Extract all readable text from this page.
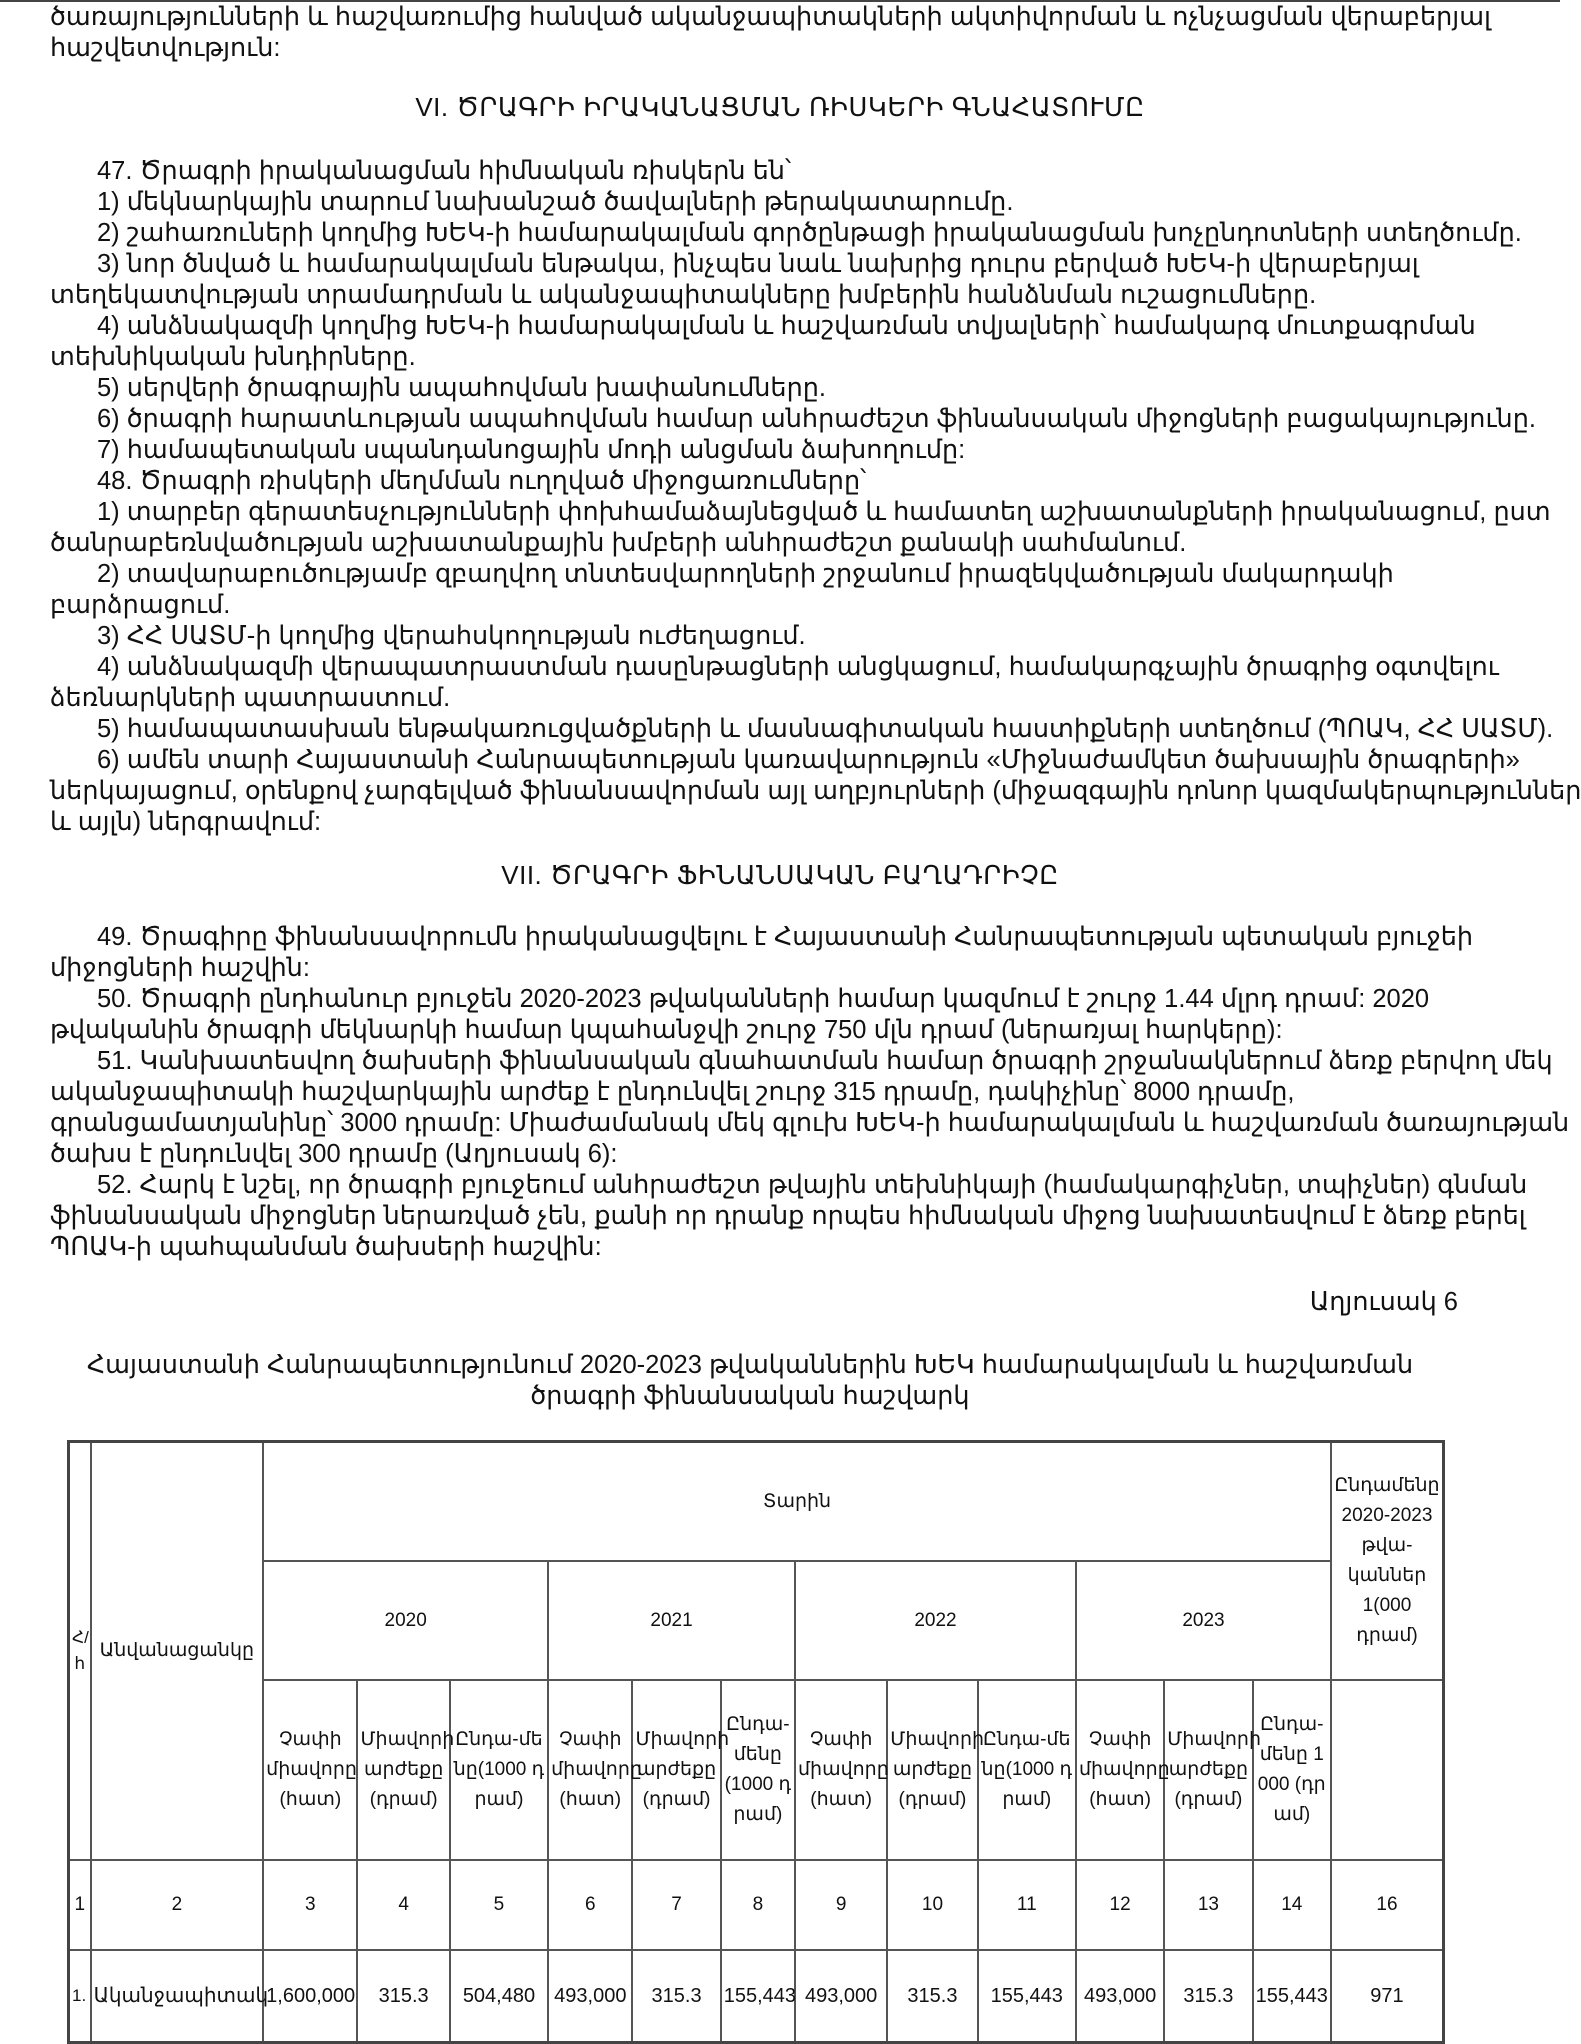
ծառայությունների և հաշվառումից հանված ականջապիտակների ակտիվորման և ոչնչացման վերաբերյալ
հաշվետվություն:
VI. ԾՐԱԳՐԻ ԻՐԱԿԱՆԱՑՄԱՆ ՌԻՍԿԵՐԻ ԳՆԱՀԱՏՈՒՄԸ
47. Ծրագրի իրականացման հիմնական ռիսկերն են՝
1) մեկնարկային տարում նախանշած ծավալների թերակատարումը.
2) շահառուների կողմից ԽԵԿ-ի համարակալման գործընթացի իրականացման խոչընդոտների ստեղծումը.
3) նոր ծնված և համարակալման ենթակա, ինչպես նաև նախրից դուրս բերված ԽԵԿ-ի վերաբերյալ
տեղեկատվության տրամադրման և ականջապիտակները խմբերին հանձնման ուշացումները.
4) անձնակազմի կողմից ԽԵԿ-ի համարակալման և հաշվառման տվյալների՝ համակարգ մուտքագրման
տեխնիկական խնդիրները.
5) սերվերի ծրագրային ապահովման խափանումները.
6) ծրագրի հարատևության ապահովման համար անհրաժեշտ ֆինանսական միջոցների բացակայությունը.
7) համապետական սպանդանոցային մոդի անցման ձախողումը:
48. Ծրագրի ռիսկերի մեղմման ուղղված միջոցառումները՝
1) տարբեր գերատեսչությունների փոխհամաձայնեցված և համատեղ աշխատանքների իրականացում, ըստ
ծանրաբեռնվածության աշխատանքային խմբերի անհրաժեշտ քանակի սահմանում.
2) տավարաբուծությամբ զբաղվող տնտեսվարողների շրջանում իրազեկվածության մակարդակի
բարձրացում.
3) ՀՀ ՍԱՏՄ-ի կողմից վերահսկողության ուժեղացում.
4) անձնակազմի վերապատրաստման դասընթացների անցկացում, համակարգչային ծրագրից օգտվելու
ձեռնարկների պատրաստում.
5) համապատասխան ենթակառուցվածքների և մասնագիտական հաստիքների ստեղծում (ՊՈԱԿ, ՀՀ ՍԱՏՄ).
6) ամեն տարի Հայաստանի Հանրապետության կառավարություն «Միջնաժամկետ ծախսային ծրագրերի»
ներկայացում, օրենքով չարգելված ֆինանսավորման այլ աղբյուրների (միջազգային դոնոր կազմակերպություններ
և այլն) ներգրավում:
VII. ԾՐԱԳՐԻ ՖԻՆԱՆՍԱԿԱՆ ԲԱՂԱԴՐԻՉԸ
49. Ծրագիրը ֆինանսավորումն իրականացվելու է Հայաստանի Հանրապետության պետական բյուջեի
միջոցների հաշվին:
50. Ծրագրի ընդհանուր բյուջեն 2020-2023 թվականների համար կազմում է շուրջ 1.44 մլրդ դրամ: 2020
թվականին ծրագրի մեկնարկի համար կպահանջվի շուրջ 750 մլն դրամ (ներառյալ հարկերը):
51. Կանխատեսվող ծախսերի ֆինանսական գնահատման համար ծրագրի շրջանակներում ձեռք բերվող մեկ
ականջապիտակի հաշվարկային արժեք է ընդունվել շուրջ 315 դրամը, դակիչինը՝ 8000 դրամը,
գրանցամատյանինը՝ 3000 դրամը: Միաժամանակ մեկ գլուխ ԽԵԿ-ի համարակալման և հաշվառման ծառայության
ծախս է ընդունվել 300 դրամը (Աղյուսակ 6):
52. Հարկ է նշել, որ ծրագրի բյուջեում անհրաժեշտ թվային տեխնիկայի (համակարգիչներ, տպիչներ) գնման
ֆինանսական միջոցներ ներառված չեն, քանի որ դրանք որպես հիմնական միջոց նախատեսվում է ձեռք բերել
ՊՈԱԿ-ի պահպանման ծախսերի հաշվին:
Աղյուսակ 6
Հայաստանի Հանրապետությունում 2020-2023 թվականներին ԽԵԿ համարակալման և հաշվառման ծրագրի ֆինանսական հաշվարկ
Հ/հ	Անվանացանկը	Տարին												Ընդամենը 2020-2023 թվա-կաններ 1(000 դրամ)
		2020			2021			2022			2023			
		Չափի միավորը (հատ)	Միավորի արժեքը (դրամ)	Ընդա-մենը(1000 դրամ)	Չափի միավորը (հատ)	Միավորի արժեքը (դրամ)	Ընդա-մենը (1000 դրամ)	Չափի միավորը (հատ)	Միավորի արժեքը (դրամ)	Ընդա-մենը(1000 դրամ)	Չափի միավորը (հատ)	Միավորի արժեքը (դրամ)	Ընդա-մենը 1000 (դրամ)	
1	2	3	4	5	6	7	8	9	10	11	12	13	14	16
1.	Ականջապիտակ	1,600,000	315.3	504,480	493,000	315.3	155,443	493,000	315.3	155,443	493,000	315.3	155,443	971
